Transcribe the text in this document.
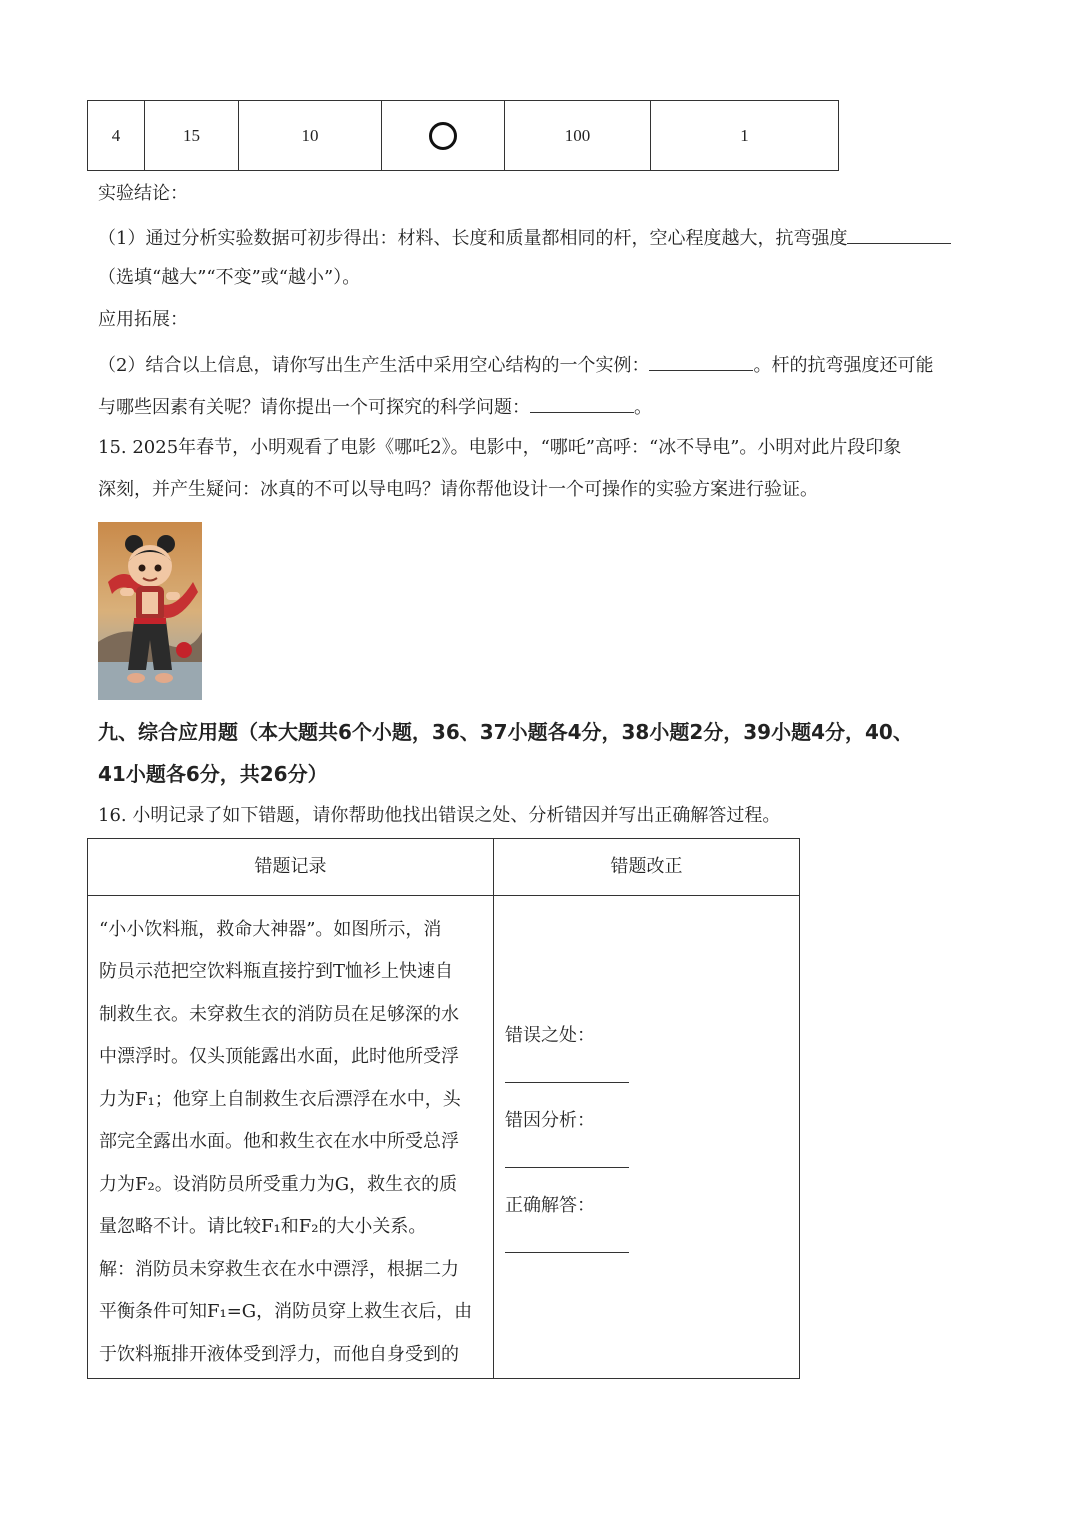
4	15	10		100	1
实验结论：
（1）通过分析实验数据可初步得出：材料、长度和质量都相同的杆，空心程度越大，抗弯强度
（选填“越大”“不变”或“越小”）。
应用拓展：
（2）结合以上信息，请你写出生产生活中采用空心结构的一个实例：	。杆的抗弯强度还可能
与哪些因素有关呢？请你提出一个可探究的科学问题：	。
15. 2025年春节，小明观看了电影《哪吒2》。电影中，“哪吒”高呼：“冰不导电”。小明对此片段印象
深刻，并产生疑问：冰真的不可以导电吗？请你帮他设计一个可操作的实验方案进行验证。
九、综合应用题（本大题共6个小题，36、37小题各4分，38小题2分，39小题4分，40、
41小题各6分，共26分）
16. 小明记录了如下错题，请你帮助他找出错误之处、分析错因并写出正确解答过程。
错题记录	错题改正
“小小饮料瓶，救命大神器”。如图所示，消
防员示范把空饮料瓶直接拧到T恤衫上快速自
制救生衣。未穿救生衣的消防员在足够深的水
中漂浮时。仅头顶能露出水面，此时他所受浮
力为F₁；他穿上自制救生衣后漂浮在水中，头
部完全露出水面。他和救生衣在水中所受总浮
力为F₂。设消防员所受重力为G，救生衣的质
量忽略不计。请比较F₁和F₂的大小关系。
解：消防员未穿救生衣在水中漂浮，根据二力
平衡条件可知F₁=G，消防员穿上救生衣后，由
于饮料瓶排开液体受到浮力，而他自身受到的
错误之处：
错因分析：
正确解答：
